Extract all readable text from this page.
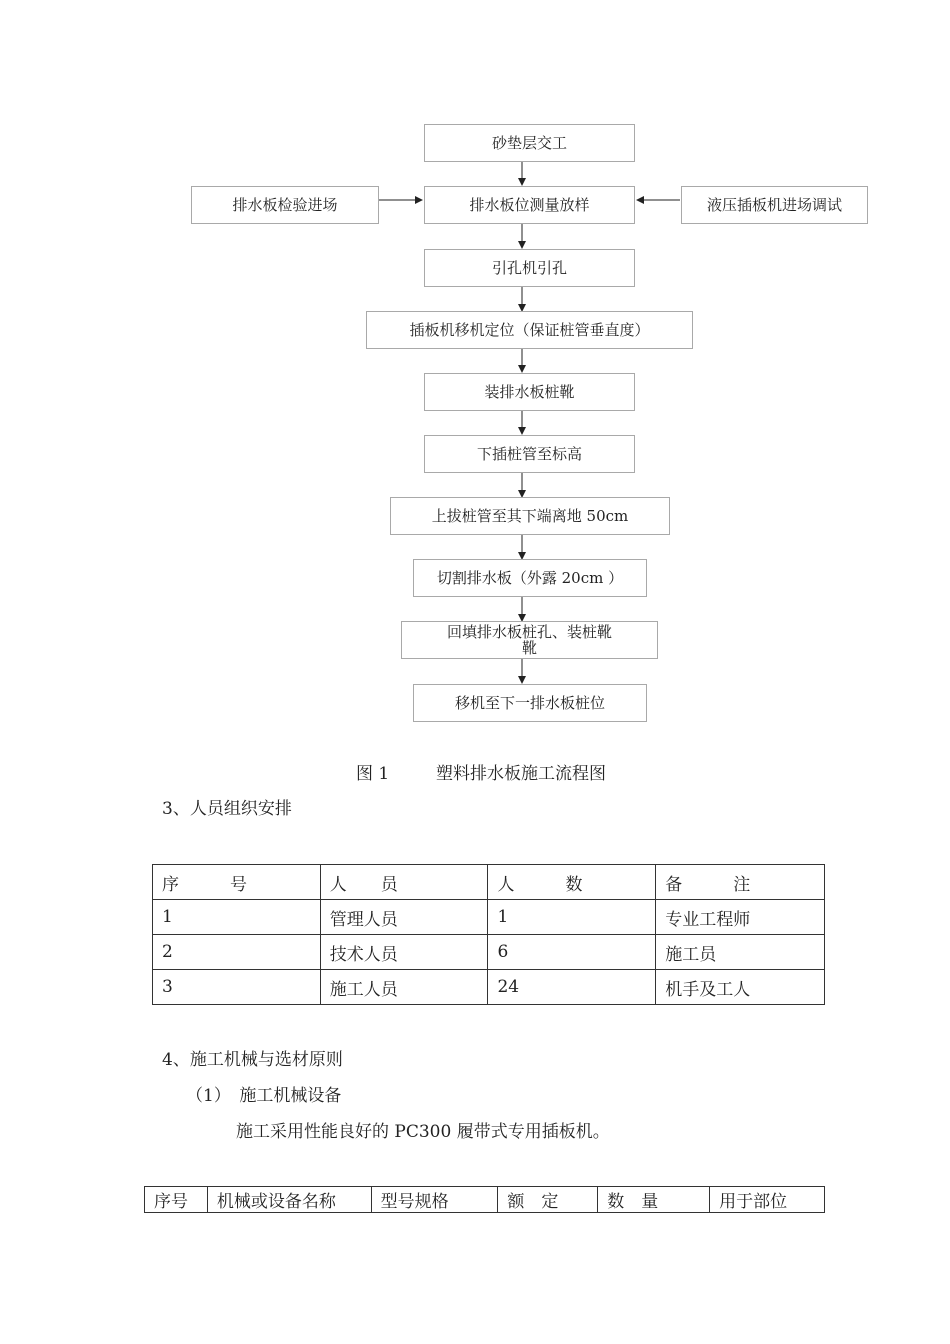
砂垫层交工
排水板检验进场	排水板位测量放样	液压插板机进场调试
引孔机引孔
插板机移机定位（保证桩管垂直度）
装排水板桩靴
下插桩管至标高
上拔桩管至其下端离地 50cm
切割排水板（外露 20cm ）
回填排水板桩孔、装桩靴
靴
移机至下一排水板桩位
图 1	塑料排水板施工流程图
3、人员组织安排
序　　　号	人　　员	人　　　数	备　　　注
1	管理人员	1	专业工程师
2	技术人员	6	施工员
3	施工人员	24	机手及工人
4、施工机械与选材原则
（1）　施工机械设备
施工采用性能良好的 PC300 履带式专用插板机。
序号	机械或设备名称	型号规格	额　定	数　量	用于部位
